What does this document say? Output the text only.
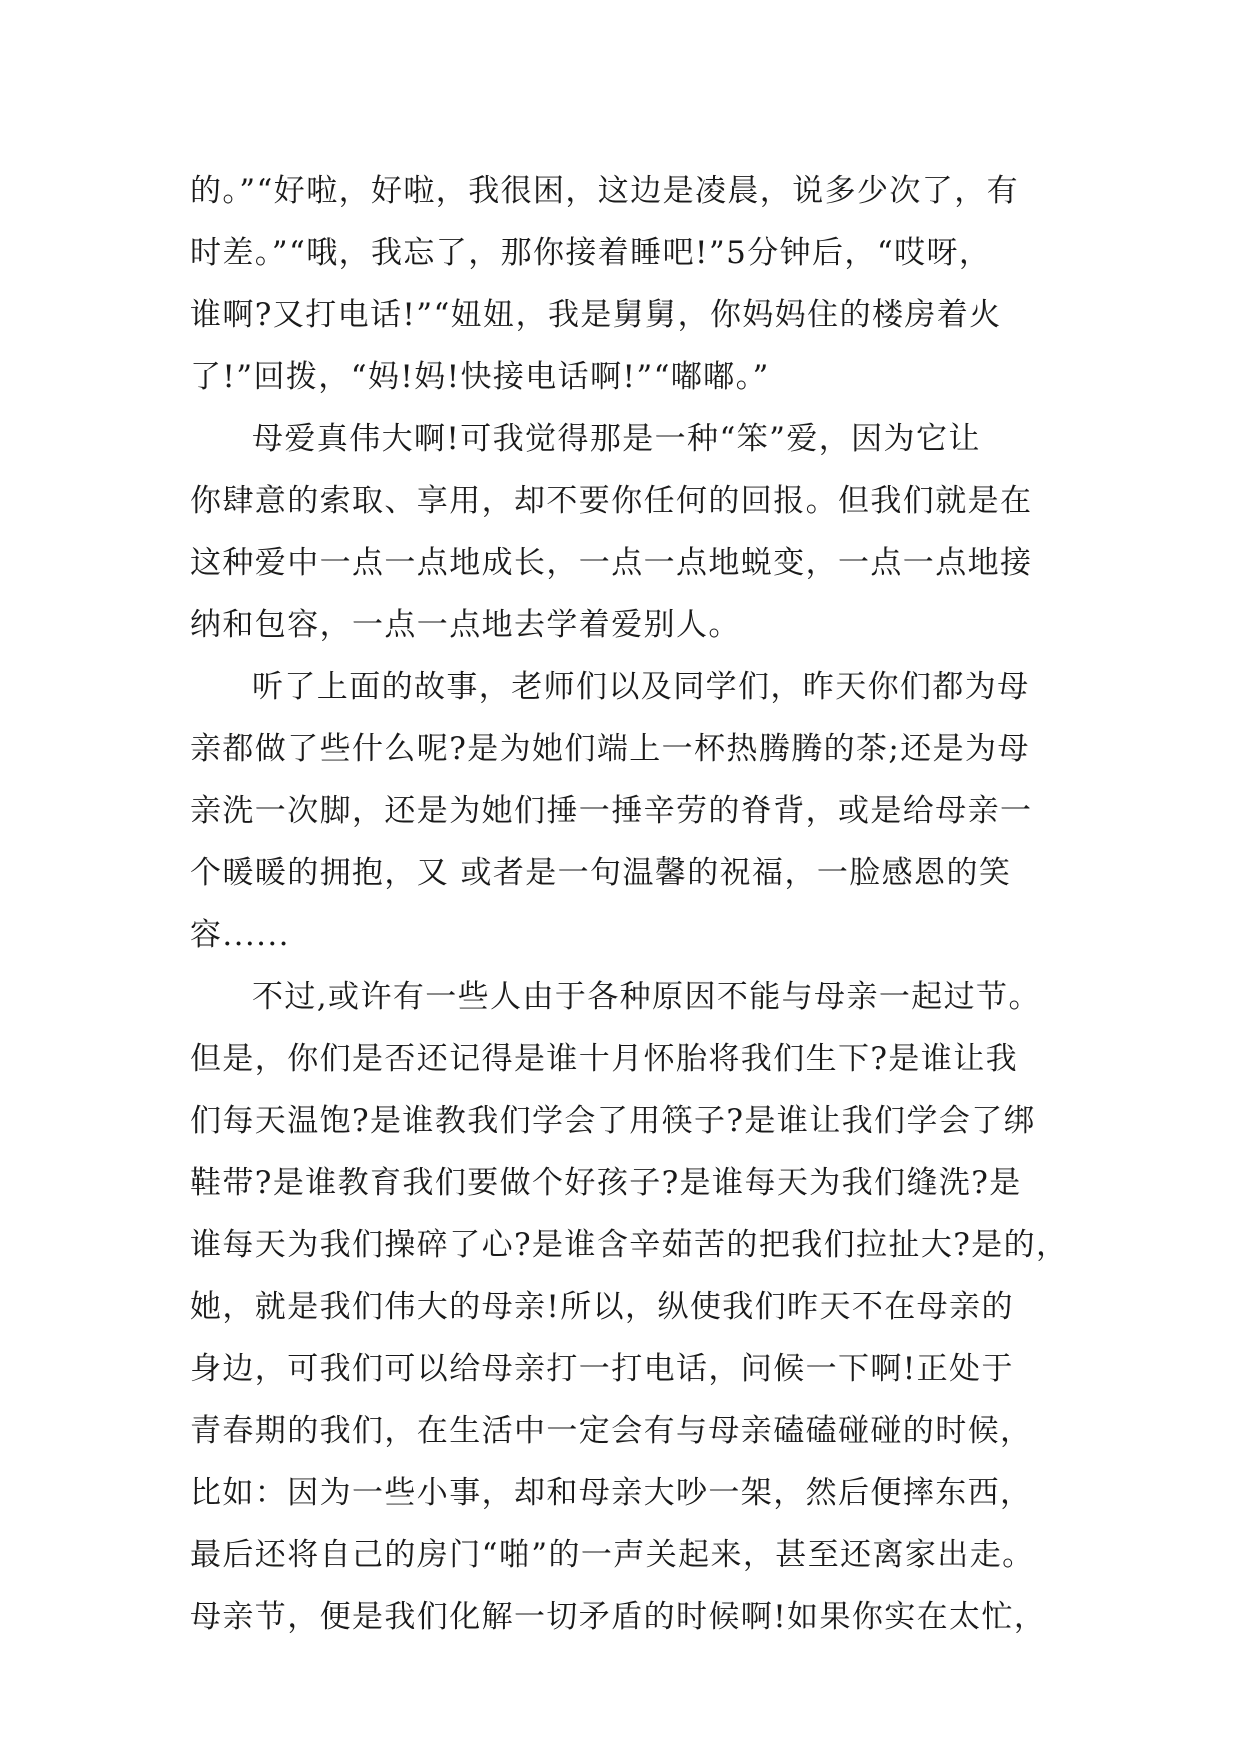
的。”“好啦，好啦，我很困，这边是凌晨，说多少次了，有
时差。”“哦，我忘了，那你接着睡吧!”5分钟后，“哎呀，
谁啊?又打电话!”“妞妞，我是舅舅，你妈妈住的楼房着火
了!”回拨，“妈!妈!快接电话啊!”“嘟嘟。”
母爱真伟大啊!可我觉得那是一种“笨”爱，因为它让
你肆意的索取、享用，却不要你任何的回报。但我们就是在
这种爱中一点一点地成长，一点一点地蜕变，一点一点地接
纳和包容，一点一点地去学着爱别人。
听了上面的故事，老师们以及同学们，昨天你们都为母
亲都做了些什么呢?是为她们端上一杯热腾腾的茶;还是为母
亲洗一次脚，还是为她们捶一捶辛劳的脊背，或是给母亲一
个暖暖的拥抱，又 或者是一句温馨的祝福，一脸感恩的笑
容......
不过,或许有一些人由于各种原因不能与母亲一起过节。
但是，你们是否还记得是谁十月怀胎将我们生下?是谁让我
们每天温饱?是谁教我们学会了用筷子?是谁让我们学会了绑
鞋带?是谁教育我们要做个好孩子?是谁每天为我们缝洗?是
谁每天为我们操碎了心?是谁含辛茹苦的把我们拉扯大?是的，
她，就是我们伟大的母亲!所以，纵使我们昨天不在母亲的
身边，可我们可以给母亲打一打电话，问候一下啊!正处于
青春期的我们，在生活中一定会有与母亲磕磕碰碰的时候，
比如：因为一些小事，却和母亲大吵一架，然后便摔东西，
最后还将自己的房门“啪”的一声关起来，甚至还离家出走。
母亲节，便是我们化解一切矛盾的时候啊!如果你实在太忙，
